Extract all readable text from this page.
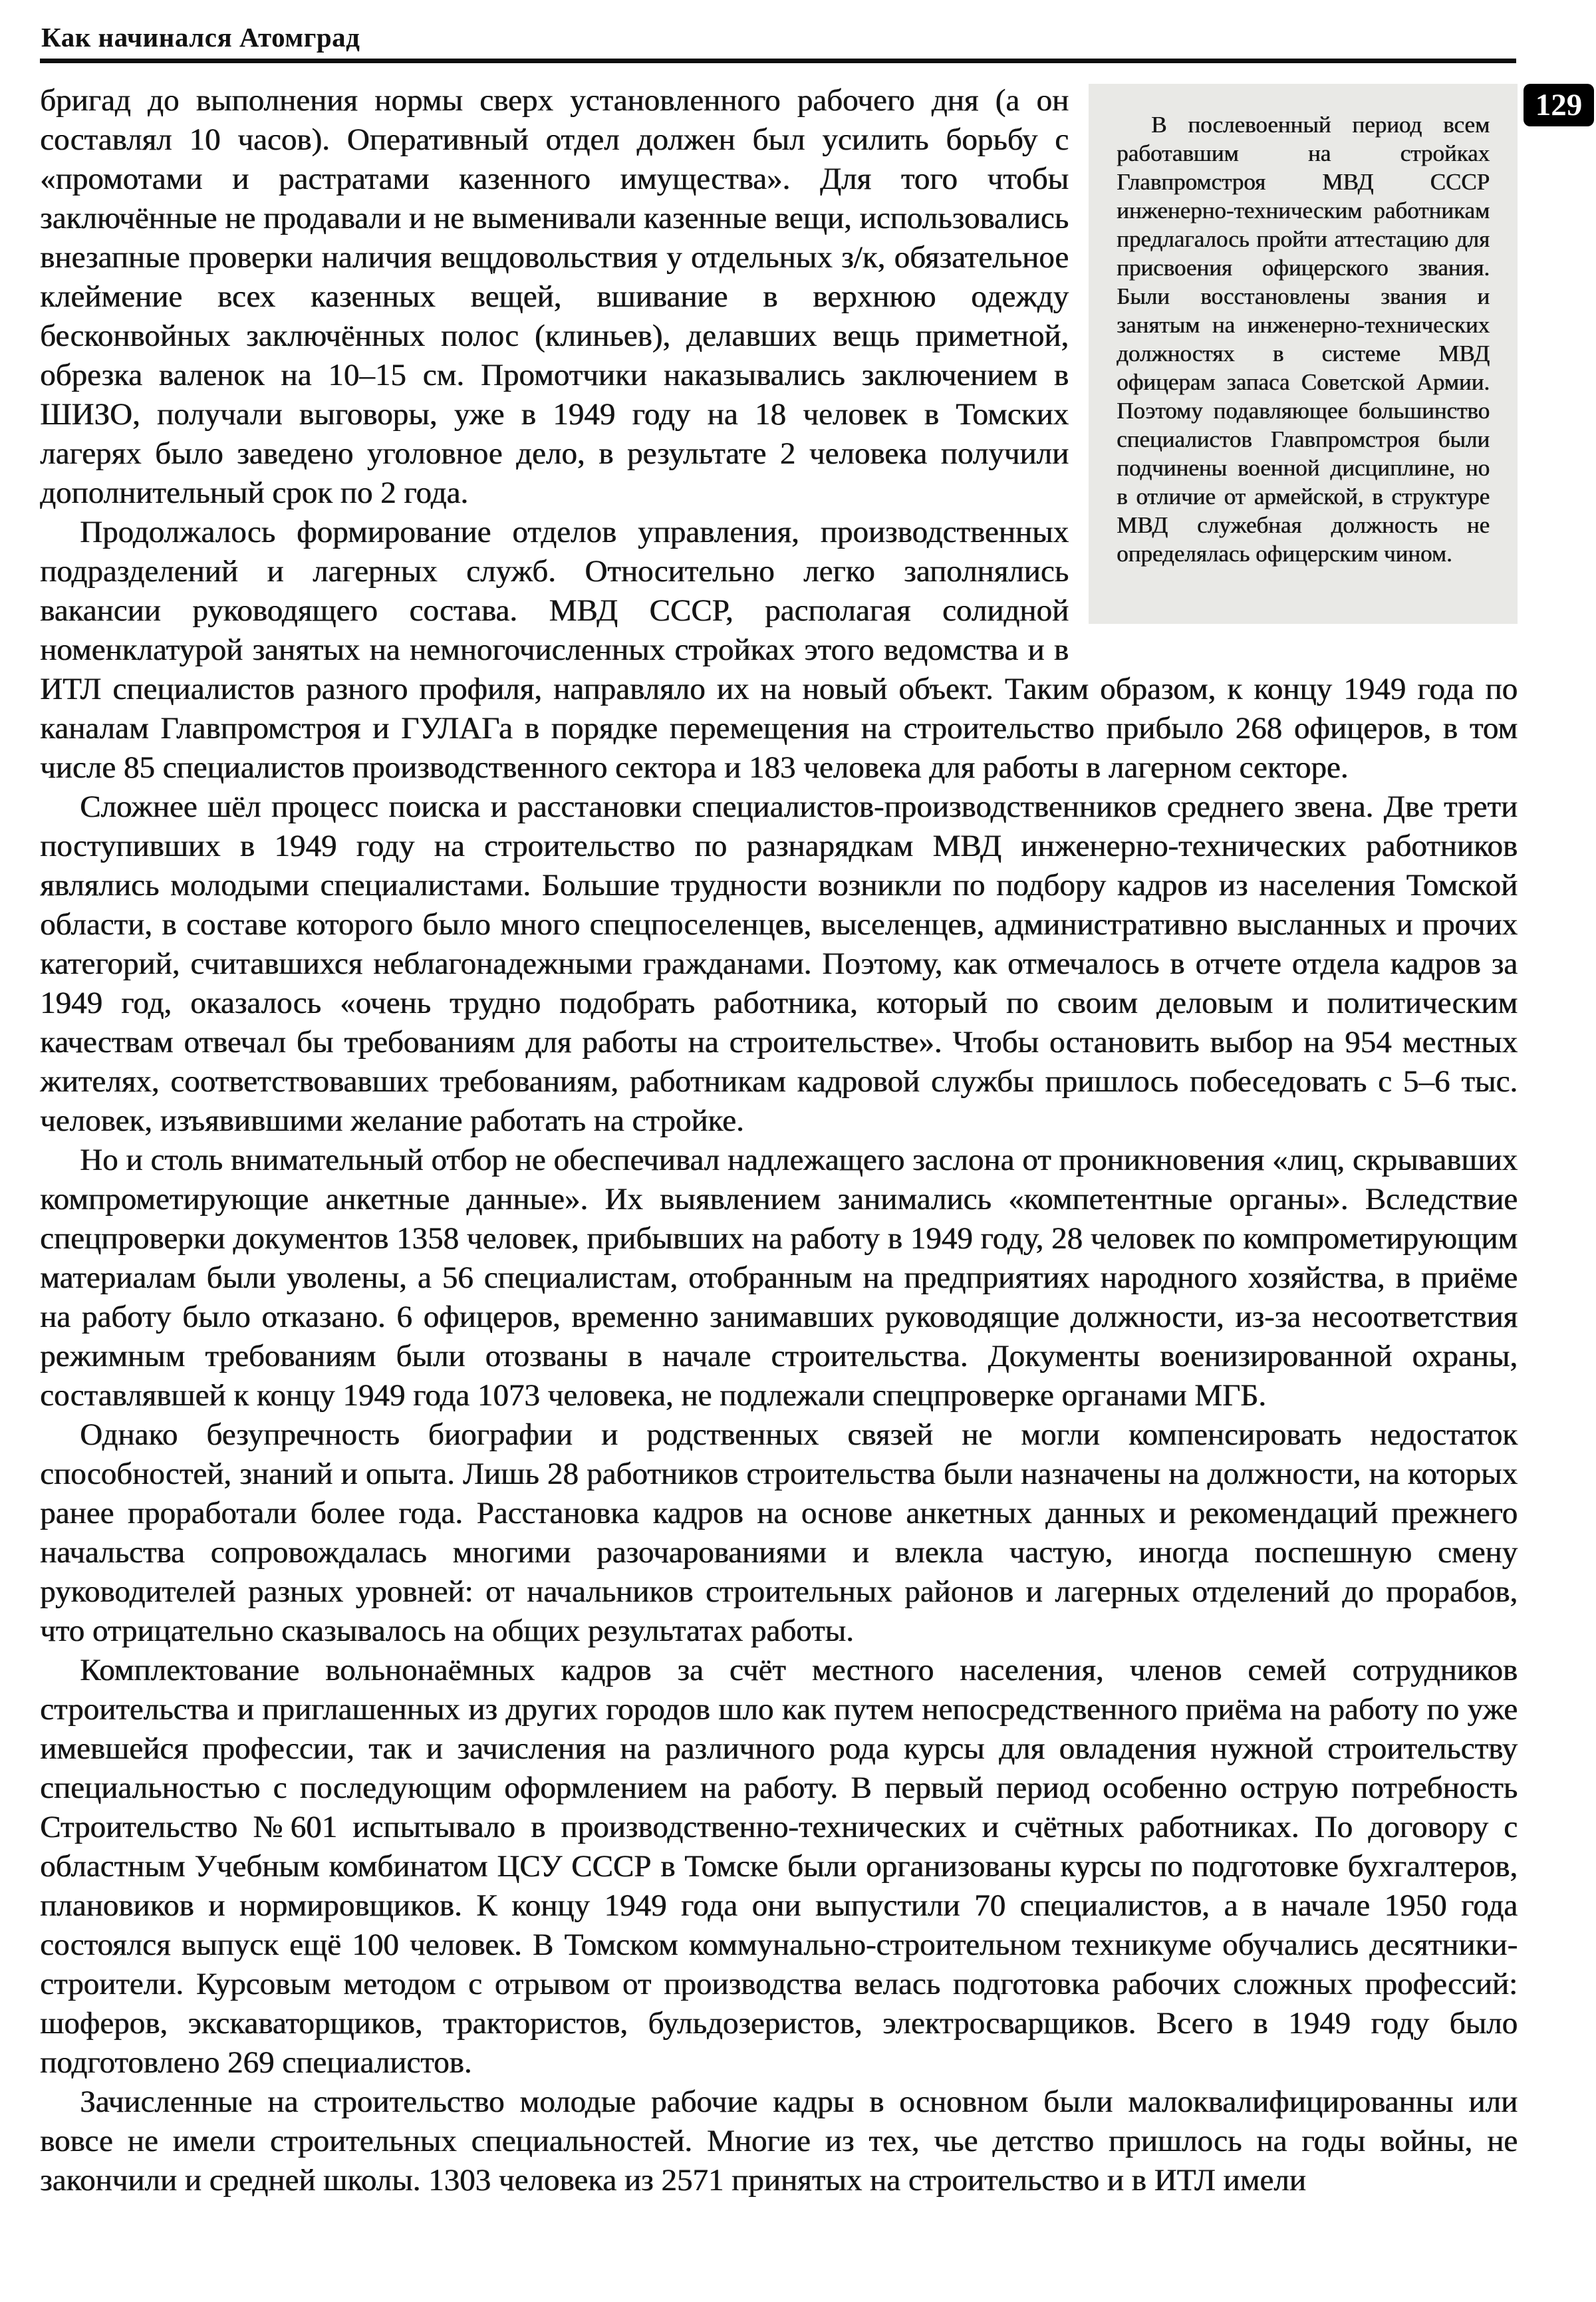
Как начинался Атомград
129

В послевоенный период всем работавшим на стройках Главпромстроя МВД СССР инженерно-техническим работникам предлагалось пройти аттестацию для присвоения офицерского звания. Были восстановлены звания и занятым на инженерно-технических должностях в системе МВД офицерам запаса Советской Армии. Поэтому подавляющее большинство специалистов Главпромстроя были подчинены военной дисциплине, но в отличие от армейской, в структуре МВД служебная должность не определялась офицерским чином.

бригад до выполнения нормы сверх установленного рабочего дня (а он составлял 10 часов). Оперативный отдел должен был усилить борьбу с «промотами и растратами казенного имущества». Для того чтобы заключённые не продавали и не выменивали казенные вещи, использовались внезапные проверки наличия вещдовольствия у отдельных з/к, обязательное клеймение всех казенных вещей, вшивание в верхнюю одежду бесконвойных заключённых полос (клиньев), делавших вещь приметной, обрезка валенок на 10–15 см. Промотчики наказывались заключением в ШИЗО, получали выговоры, уже в 1949 году на 18 человек в Томских лагерях было заведено уголовное дело, в результате 2 человека получили дополнительный срок по 2 года.

Продолжалось формирование отделов управления, производственных подразделений и лагерных служб. Относительно легко заполнялись вакансии руководящего состава. МВД СССР, располагая солидной номенклатурой занятых на немногочисленных стройках этого ведомства и в ИТЛ специалистов разного профиля, направляло их на новый объект. Таким образом, к концу 1949 года по каналам Главпромстроя и ГУЛАГа в порядке перемещения на строительство прибыло 268 офицеров, в том числе 85 специалистов производственного сектора и 183 человека для работы в лагерном секторе.

Сложнее шёл процесс поиска и расстановки специалистов-производственников среднего звена. Две трети поступивших в 1949 году на строительство по разнарядкам МВД инженерно-технических работников являлись молодыми специалистами. Большие трудности возникли по подбору кадров из населения Томской области, в составе которого было много спецпоселенцев, выселенцев, административно высланных и прочих категорий, считавшихся неблагонадежными гражданами. Поэтому, как отмечалось в отчете отдела кадров за 1949 год, оказалось «очень трудно подобрать работника, который по своим деловым и политическим качествам отвечал бы требованиям для работы на строительстве». Чтобы остановить выбор на 954 местных жителях, соответствовавших требованиям, работникам кадровой службы пришлось побеседовать с 5–6 тыс. человек, изъявившими желание работать на стройке.

Но и столь внимательный отбор не обеспечивал надлежащего заслона от проникновения «лиц, скрывавших компрометирующие анкетные данные». Их выявлением занимались «компетентные органы». Вследствие спецпроверки документов 1358 человек, прибывших на работу в 1949 году, 28 человек по компрометирующим материалам были уволены, а 56 специалистам, отобранным на предприятиях народного хозяйства, в приёме на работу было отказано. 6 офицеров, временно занимавших руководящие должности, из-за несоответствия режимным требованиям были отозваны в начале строительства. Документы военизированной охраны, составлявшей к концу 1949 года 1073 человека, не подлежали спецпроверке органами МГБ.

Однако безупречность биографии и родственных связей не могли компенсировать недостаток способностей, знаний и опыта. Лишь 28 работников строительства были назначены на должности, на которых ранее проработали более года. Расстановка кадров на основе анкетных данных и рекомендаций прежнего начальства сопровождалась многими разочарованиями и влекла частую, иногда поспешную смену руководителей разных уровней: от начальников строительных районов и лагерных отделений до прорабов, что отрицательно сказывалось на общих результатах работы.

Комплектование вольнонаёмных кадров за счёт местного населения, членов семей сотрудников строительства и приглашенных из других городов шло как путем непосредственного приёма на работу по уже имевшейся профессии, так и зачисления на различного рода курсы для овладения нужной строительству специальностью с последующим оформлением на работу. В первый период особенно острую потребность Строительство №601 испытывало в производственно-технических и счётных работниках. По договору с областным Учебным комбинатом ЦСУ СССР в Томске были организованы курсы по подготовке бухгалтеров, плановиков и нормировщиков. К концу 1949 года они выпустили 70 специалистов, а в начале 1950 года состоялся выпуск ещё 100 человек. В Томском коммунально-строительном техникуме обучались десятники-строители. Курсовым методом с отрывом от производства велась подготовка рабочих сложных профессий: шоферов, экскаваторщиков, трактористов, бульдозеристов, электросварщиков. Всего в 1949 году было подготовлено 269 специалистов.

Зачисленные на строительство молодые рабочие кадры в основном были малоквалифицированны или вовсе не имели строительных специальностей. Многие из тех, чье детство пришлось на годы войны, не закончили и средней школы. 1303 человека из 2571 принятых на строительство и в ИТЛ имели
